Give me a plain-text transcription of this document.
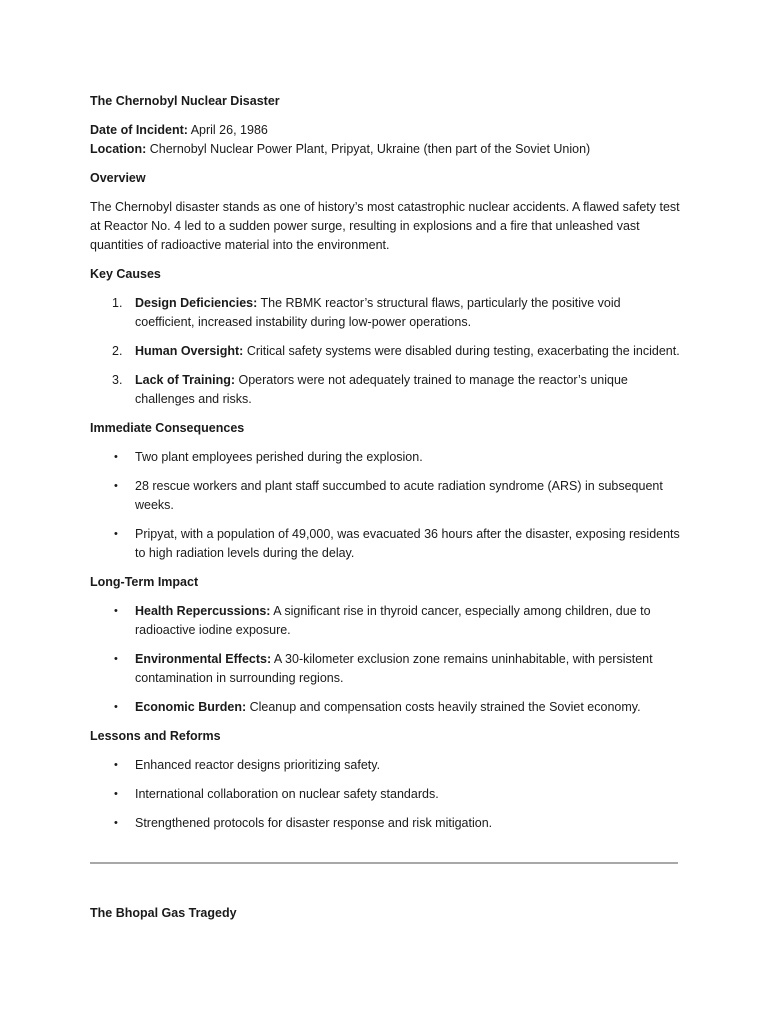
The Chernobyl Nuclear Disaster

Date of Incident: April 26, 1986

Location: Chernobyl Nuclear Power Plant, Pripyat, Ukraine (then part of the Soviet Union)

Overview

The Chernobyl disaster stands as one of history’s most catastrophic nuclear accidents. A flawed safety test at Reactor No. 4 led to a sudden power surge, resulting in explosions and a fire that unleashed vast quantities of radioactive material into the environment.

Key Causes

1. Design Deficiencies: The RBMK reactor’s structural flaws, particularly the positive void coefficient, increased instability during low-power operations.
2. Human Oversight: Critical safety systems were disabled during testing, exacerbating the incident.
3. Lack of Training: Operators were not adequately trained to manage the reactor’s unique challenges and risks.

Immediate Consequences

• Two plant employees perished during the explosion.
• 28 rescue workers and plant staff succumbed to acute radiation syndrome (ARS) in subsequent weeks.
• Pripyat, with a population of 49,000, was evacuated 36 hours after the disaster, exposing residents to high radiation levels during the delay.

Long-Term Impact

• Health Repercussions: A significant rise in thyroid cancer, especially among children, due to radioactive iodine exposure.
• Environmental Effects: A 30-kilometer exclusion zone remains uninhabitable, with persistent contamination in surrounding regions.
• Economic Burden: Cleanup and compensation costs heavily strained the Soviet economy.

Lessons and Reforms

• Enhanced reactor designs prioritizing safety.
• International collaboration on nuclear safety standards.
• Strengthened protocols for disaster response and risk mitigation.

The Bhopal Gas Tragedy
